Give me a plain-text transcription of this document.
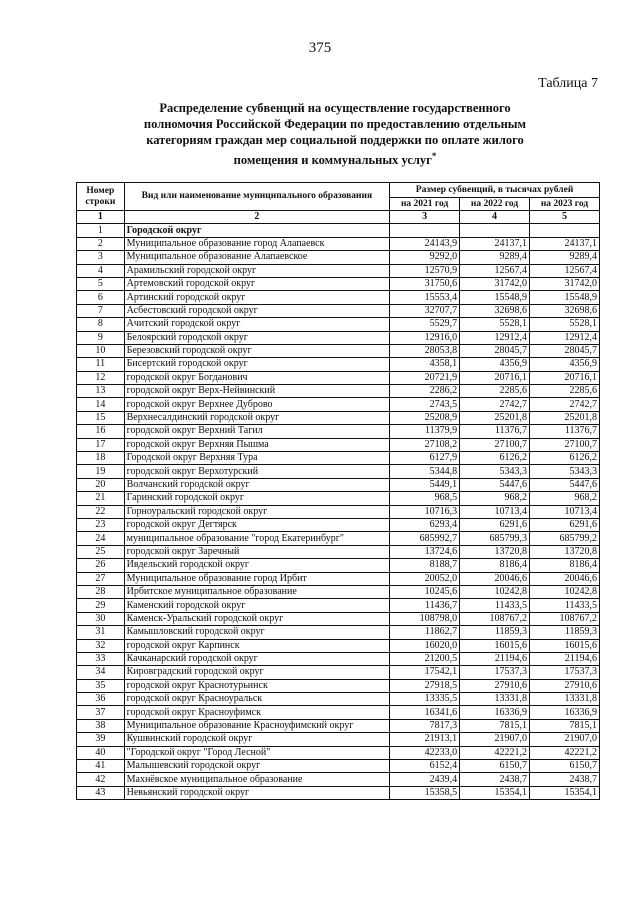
375
Таблица 7
Распределение субвенций на осуществление государственного
полномочия Российской Федерации по предоставлению отдельным
категориям граждан мер социальной поддержки по оплате жилого
помещения и коммунальных услуг*
Номер строки	Вид или наименование муниципального образования	Размер субвенций, в тысячах рублей		
		на 2021 год	на 2022 год	на 2023 год
1	2	3	4	5
1	Городской округ			
2	Муниципальное образование город Алапаевск	24143,9	24137,1	24137,1
3	Муниципальное образование Алапаевское	9292,0	9289,4	9289,4
4	Арамильский городской округ	12570,9	12567,4	12567,4
5	Артемовский городской округ	31750,6	31742,0	31742,0
6	Артинский городской округ	15553,4	15548,9	15548,9
7	Асбестовский городской округ	32707,7	32698,6	32698,6
8	Ачитский городской округ	5529,7	5528,1	5528,1
9	Белоярский городской округ	12916,0	12912,4	12912,4
10	Березовский городской округ	28053,8	28045,7	28045,7
11	Бисертский городской округ	4358,1	4356,9	4356,9
12	городской округ Богданович	20721,9	20716,1	20716,1
13	городской округ Верх-Нейвинский	2286,2	2285,6	2285,6
14	городской округ Верхнее Дуброво	2743,5	2742,7	2742,7
15	Верхнесалдинский городской округ	25208,9	25201,8	25201,8
16	городской округ Верхний Тагил	11379,9	11376,7	11376,7
17	городской округ Верхняя Пышма	27108,2	27100,7	27100,7
18	Городской округ Верхняя Тура	6127,9	6126,2	6126,2
19	городской округ Верхотурский	5344,8	5343,3	5343,3
20	Волчанский городской округ	5449,1	5447,6	5447,6
21	Гаринский городской округ	968,5	968,2	968,2
22	Горноуральский городской округ	10716,3	10713,4	10713,4
23	городской округ Дегтярск	6293,4	6291,6	6291,6
24	муниципальное образование "город Екатеринбург"	685992,7	685799,3	685799,2
25	городской округ Заречный	13724,6	13720,8	13720,8
26	Ивдельский городской округ	8188,7	8186,4	8186,4
27	Муниципальное образование город Ирбит	20052,0	20046,6	20046,6
28	Ирбитское муниципальное образование	10245,6	10242,8	10242,8
29	Каменский городской округ	11436,7	11433,5	11433,5
30	Каменск-Уральский городской округ	108798,0	108767,2	108767,2
31	Камышловский городской округ	11862,7	11859,3	11859,3
32	городской округ Карпинск	16020,0	16015,6	16015,6
33	Качканарский городской округ	21200,5	21194,6	21194,6
34	Кировградский городской округ	17542,1	17537,3	17537,3
35	городской округ Краснотурьинск	27918,5	27910,6	27910,6
36	городской округ Красноуральск	13335,5	13331,8	13331,8
37	городской округ Красноуфимск	16341,6	16336,9	16336,9
38	Муниципальное образование Красноуфимский округ	7817,3	7815,1	7815,1
39	Кушвинский городской округ	21913,1	21907,0	21907,0
40	"Городской округ "Город Лесной"	42233,0	42221,2	42221,2
41	Малышевский городской округ	6152,4	6150,7	6150,7
42	Махнёвское муниципальное образование	2439,4	2438,7	2438,7
43	Невьянский городской округ	15358,5	15354,1	15354,1
